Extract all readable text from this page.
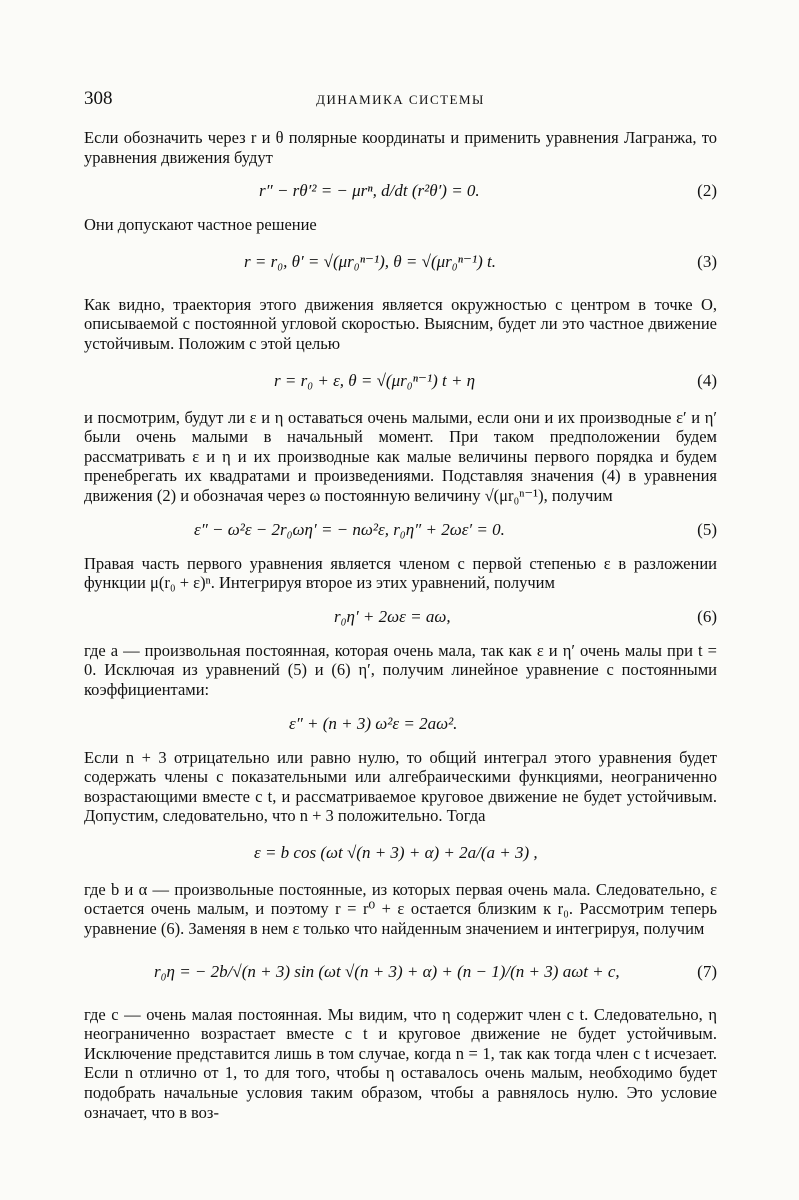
308	ДИНАМИКА СИСТЕМЫ

Если обозначить через r и θ полярные координаты и применить уравнения Лагранжа, то уравнения движения будут

r″ − rθ′² = − μrⁿ, d/dt (r²θ′) = 0.	(2)

Они допускают частное решение

r = r₀, θ′ = √(μr₀ⁿ⁻¹), θ = √(μr₀ⁿ⁻¹) t.	(3)

Как видно, траектория этого движения является окружностью с центром в точке O, описываемой с постоянной угловой скоростью. Выясним, будет ли это частное движение устойчивым. Положим с этой целью

r = r₀ + ε, θ = √(μr₀ⁿ⁻¹) t + η	(4)

и посмотрим, будут ли ε и η оставаться очень малыми, если они и их производные ε′ и η′ были очень малыми в начальный момент. При таком предположении будем рассматривать ε и η и их производные как малые величины первого порядка и будем пренебрегать их квадратами и произведениями. Подставляя значения (4) в уравнения движения (2) и обозначая через ω постоянную величину √(μr₀ⁿ⁻¹), получим

ε″ − ω²ε − 2r₀ωη′ = − nω²ε, r₀η″ + 2ωε′ = 0.	(5)

Правая часть первого уравнения является членом с первой степенью ε в разложении функции μ(r₀ + ε)ⁿ. Интегрируя второе из этих уравнений, получим

r₀η′ + 2ωε = aω,	(6)

где a — произвольная постоянная, которая очень мала, так как ε и η′ очень малы при t = 0. Исключая из уравнений (5) и (6) η′, получим линейное уравнение с постоянными коэффициентами:

ε″ + (n + 3) ω²ε = 2aω².

Если n + 3 отрицательно или равно нулю, то общий интеграл этого уравнения будет содержать члены с показательными или алгебраическими функциями, неограниченно возрастающими вместе с t, и рассматриваемое круговое движение не будет устойчивым. Допустим, следовательно, что n + 3 положительно. Тогда

ε = b cos (ωt √(n + 3) + α) + 2a/(a + 3) ,

где b и α — произвольные постоянные, из которых первая очень мала. Следовательно, ε остается очень малым, и поэтому r = r⁰ + ε остается близким к r₀. Рассмотрим теперь уравнение (6). Заменяя в нем ε только что найденным значением и интегрируя, получим

r₀η = − 2b/√(n + 3) sin (ωt √(n + 3) + α) + (n − 1)/(n + 3) aωt + c,	(7)

где c — очень малая постоянная. Мы видим, что η содержит член с t. Следовательно, η неограниченно возрастает вместе с t и круговое движение не будет устойчивым. Исключение представится лишь в том случае, когда n = 1, так как тогда член с t исчезает. Если n отлично от 1, то для того, чтобы η оставалось очень малым, необходимо будет подобрать начальные условия таким образом, чтобы a равнялось нулю. Это условие означает, что в воз-
